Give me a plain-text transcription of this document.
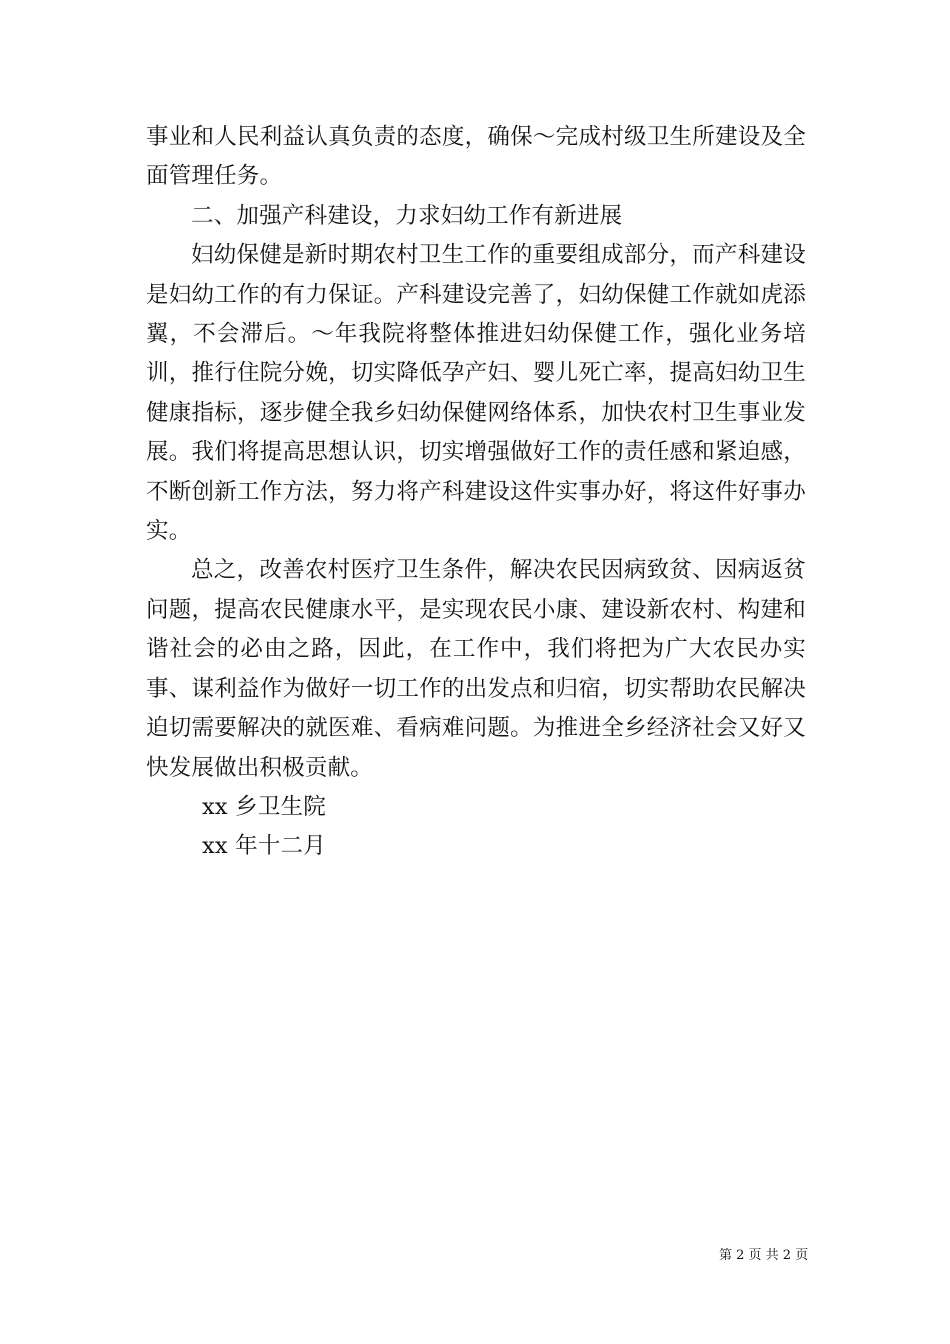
事业和人民利益认真负责的态度，确保～完成村级卫生所建设及全面管理任务。

二、加强产科建设，力求妇幼工作有新进展

妇幼保健是新时期农村卫生工作的重要组成部分，而产科建设是妇幼工作的有力保证。产科建设完善了，妇幼保健工作就如虎添翼，不会滞后。～年我院将整体推进妇幼保健工作，强化业务培训，推行住院分娩，切实降低孕产妇、婴儿死亡率，提高妇幼卫生健康指标，逐步健全我乡妇幼保健网络体系，加快农村卫生事业发展。我们将提高思想认识，切实增强做好工作的责任感和紧迫感，不断创新工作方法，努力将产科建设这件实事办好，将这件好事办实。

总之，改善农村医疗卫生条件，解决农民因病致贫、因病返贫问题，提高农民健康水平，是实现农民小康、建设新农村、构建和谐社会的必由之路，因此，在工作中，我们将把为广大农民办实事、谋利益作为做好一切工作的出发点和归宿，切实帮助农民解决迫切需要解决的就医难、看病难问题。为推进全乡经济社会又好又快发展做出积极贡献。

xx 乡卫生院

xx 年十二月

第 2 页 共 2 页
